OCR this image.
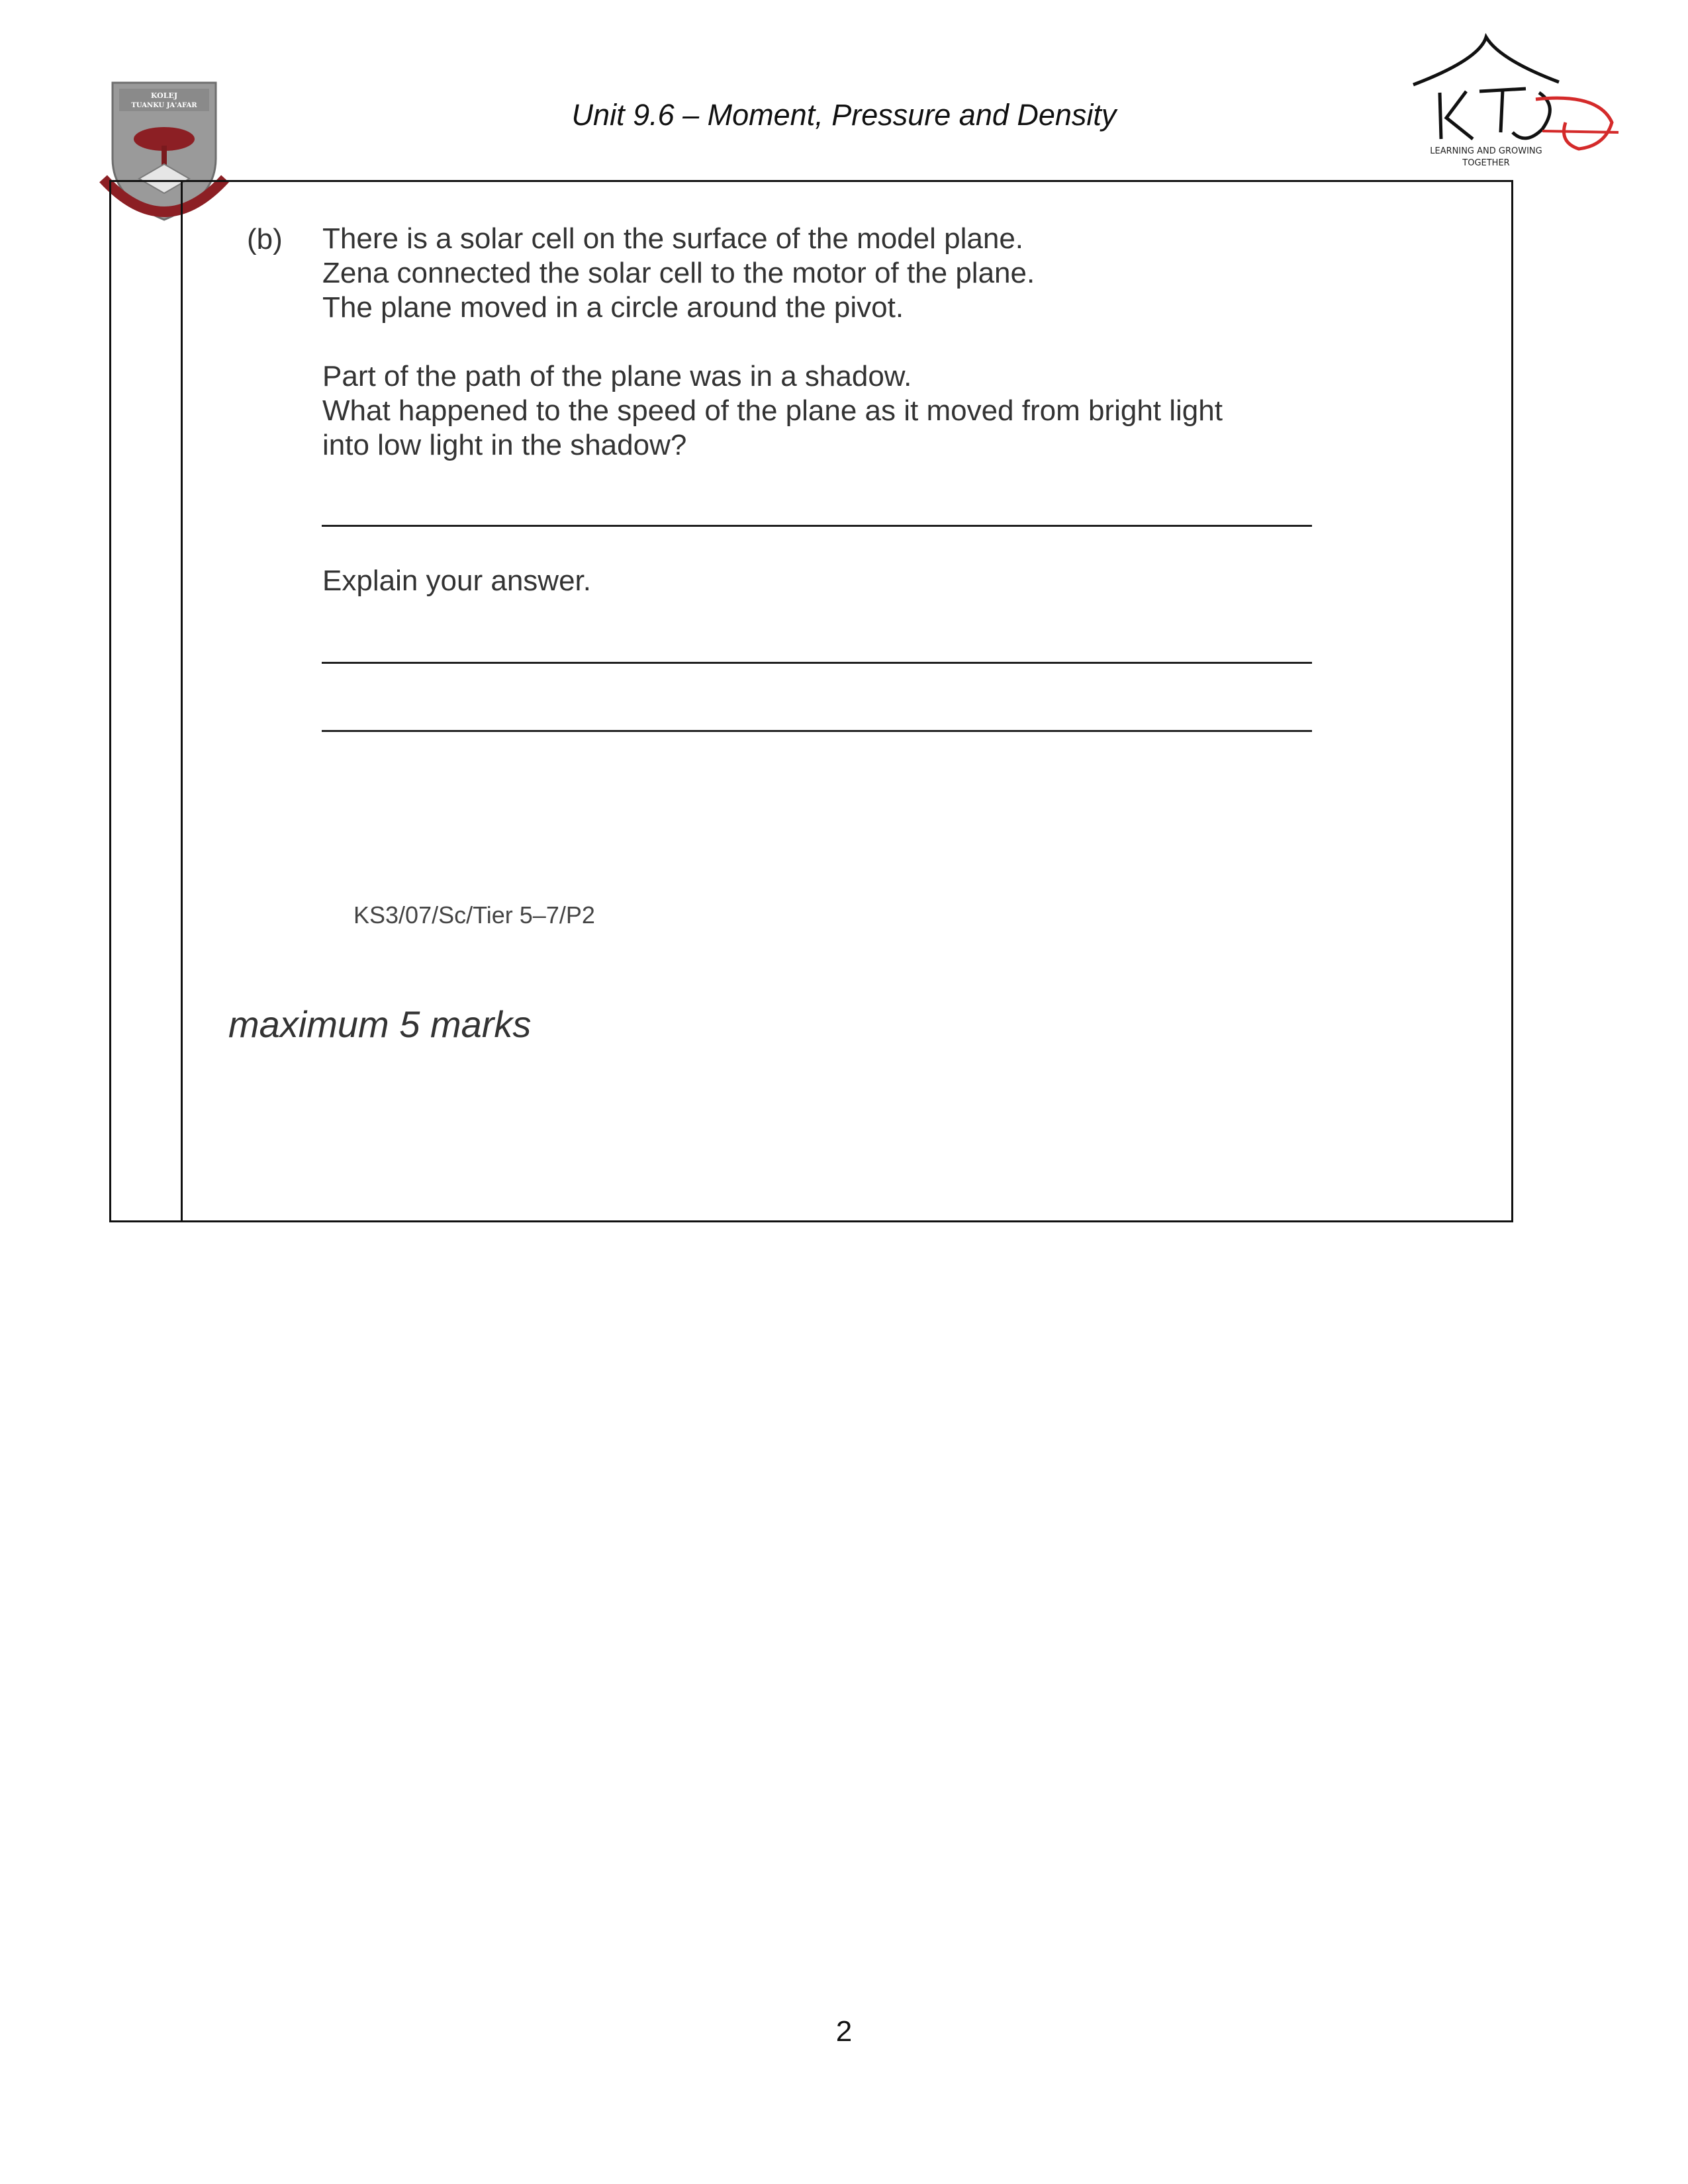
KOLEJ
TUANKU JA'AFAR	Unit 9.6 – Moment, Pressure and Density
LEARNING AND GROWING
TOGETHER
(b) There is a solar cell on the surface of the model plane.
Zena connected the solar cell to the motor of the plane.
The plane moved in a circle around the pivot.
Part of the path of the plane was in a shadow.
What happened to the speed of the plane as it moved from bright light
into low light in the shadow?
Explain your answer.
KS3/07/Sc/Tier 5–7/P2
maximum 5 marks
2
